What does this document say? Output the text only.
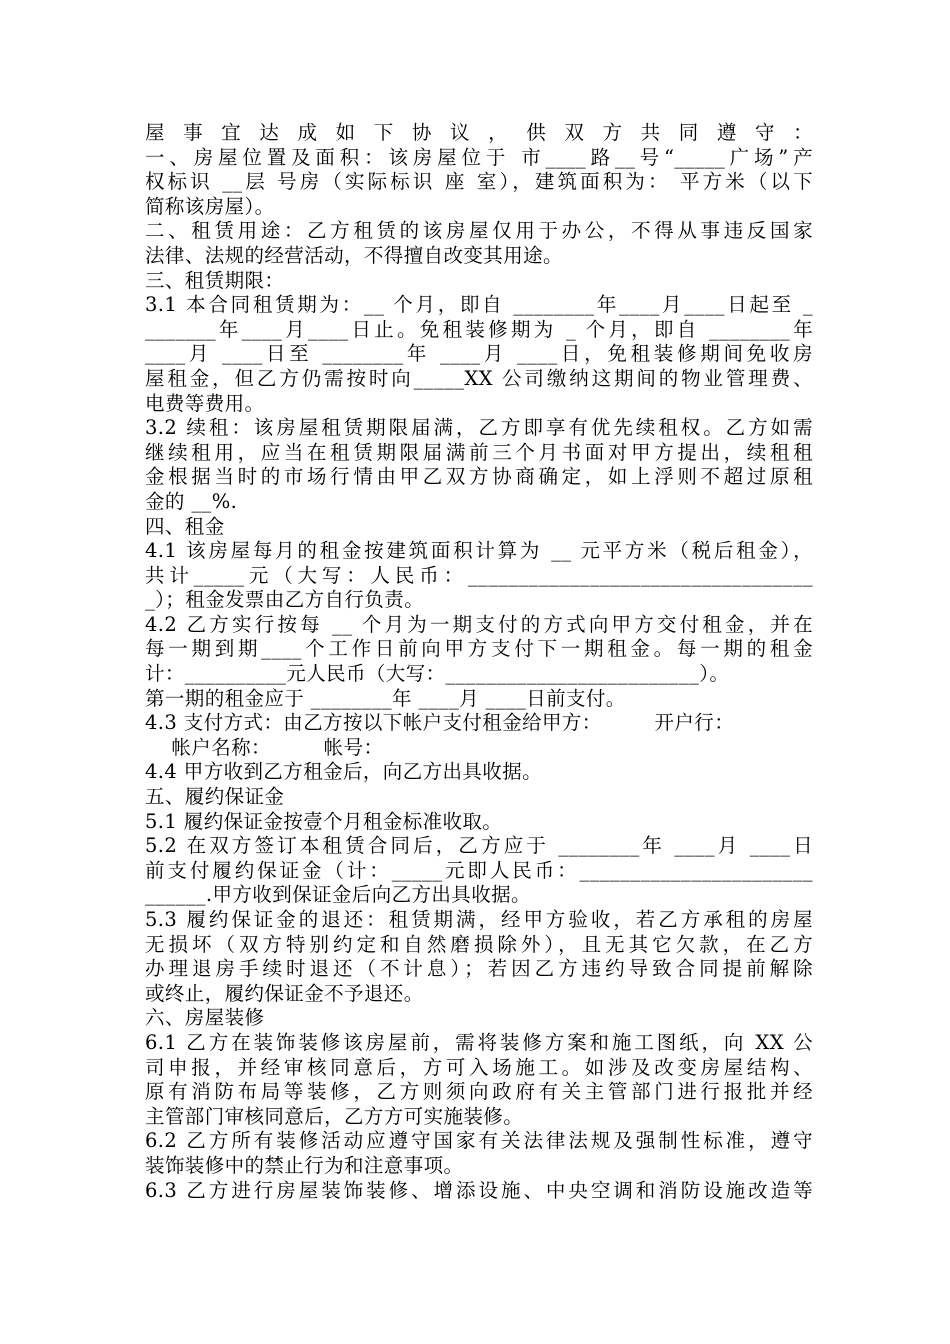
屋事宜达成如下协议，供双方共同遵守：
一、房屋位置及面积：该房屋位于 市____路__号“_____广场”产
权标识 __层 号房（实际标识 座 室），建筑面积为： 平方米（以下
简称该房屋）。
二、租赁用途：乙方租赁的该房屋仅用于办公，不得从事违反国家
法律、法规的经营活动，不得擅自改变其用途。
三、租赁期限：
3.1 本合同租赁期为：__ 个月，即自 ________年____月____日起至 _
_______年____月____日止。免租装修期为 _ 个月，即自 ________年
____月 ____日至 ________年 ____月 ____日，免租装修期间免收房
屋租金，但乙方仍需按时向_____XX 公司缴纳这期间的物业管理费、
电费等费用。
3.2 续租：该房屋租赁期限届满，乙方即享有优先续租权。乙方如需
继续租用，应当在租赁期限届满前三个月书面对甲方提出，续租租
金根据当时的市场行情由甲乙双方协商确定，如上浮则不超过原租
金的 __%.
四、租金
4.1 该房屋每月的租金按建筑面积计算为 __ 元平方米（税后租金），
共计_____元（大写：人民币：__________________________________
_）；租金发票由乙方自行负责。
4.2 乙方实行按每 __ 个月为一期支付的方式向甲方交付租金，并在
每一期到期____个工作日前向甲方支付下一期租金。每一期的租金
计：__________元人民币（大写：_________________________）。
第一期的租金应于 ________年 ____月 ____日前支付。
4.3 支付方式：由乙方按以下帐户支付租金给甲方：        开户行：
帐户名称：        帐号：
4.4 甲方收到乙方租金后，向乙方出具收据。
五、履约保证金
5.1 履约保证金按壹个月租金标准收取。
5.2 在双方签订本租赁合同后，乙方应于 ________年 ____月 ____日
前支付履约保证金（计：_____元即人民币：_______________________
______.甲方收到保证金后向乙方出具收据。
5.3 履约保证金的退还：租赁期满，经甲方验收，若乙方承租的房屋
无损坏（双方特别约定和自然磨损除外），且无其它欠款，在乙方
办理退房手续时退还（不计息）；若因乙方违约导致合同提前解除
或终止，履约保证金不予退还。
六、房屋装修
6.1 乙方在装饰装修该房屋前，需将装修方案和施工图纸，向 XX 公
司申报，并经审核同意后，方可入场施工。如涉及改变房屋结构、
原有消防布局等装修，乙方则须向政府有关主管部门进行报批并经
主管部门审核同意后，乙方方可实施装修。
6.2 乙方所有装修活动应遵守国家有关法律法规及强制性标准，遵守
装饰装修中的禁止行为和注意事项。
6.3 乙方进行房屋装饰装修、增添设施、中央空调和消防设施改造等
